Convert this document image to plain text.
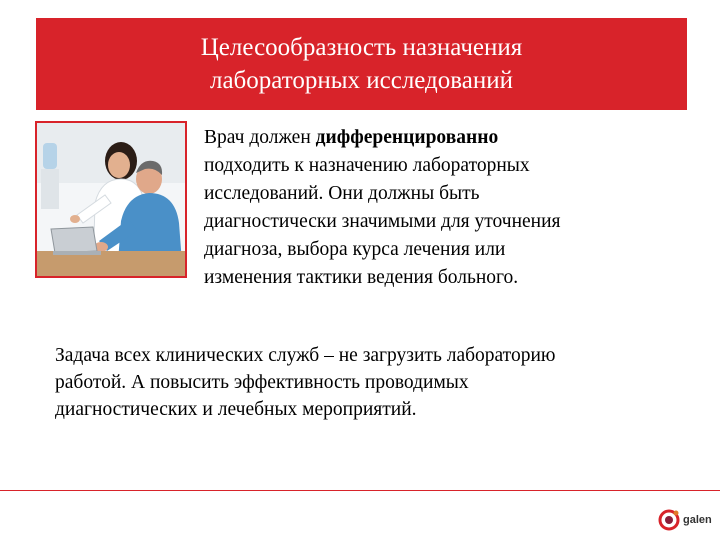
Целесообразность назначения
лабораторных исследований
Врач должен дифференцированно
подходить к назначению лабораторных
исследований. Они должны быть
диагностически значимыми для уточнения
диагноза, выбора курса лечения или
изменения тактики ведения больного.
Задача всех клинических служб – не загрузить лабораторию
работой. А повысить эффективность проводимых
диагностических и лечебных мероприятий.
galen
